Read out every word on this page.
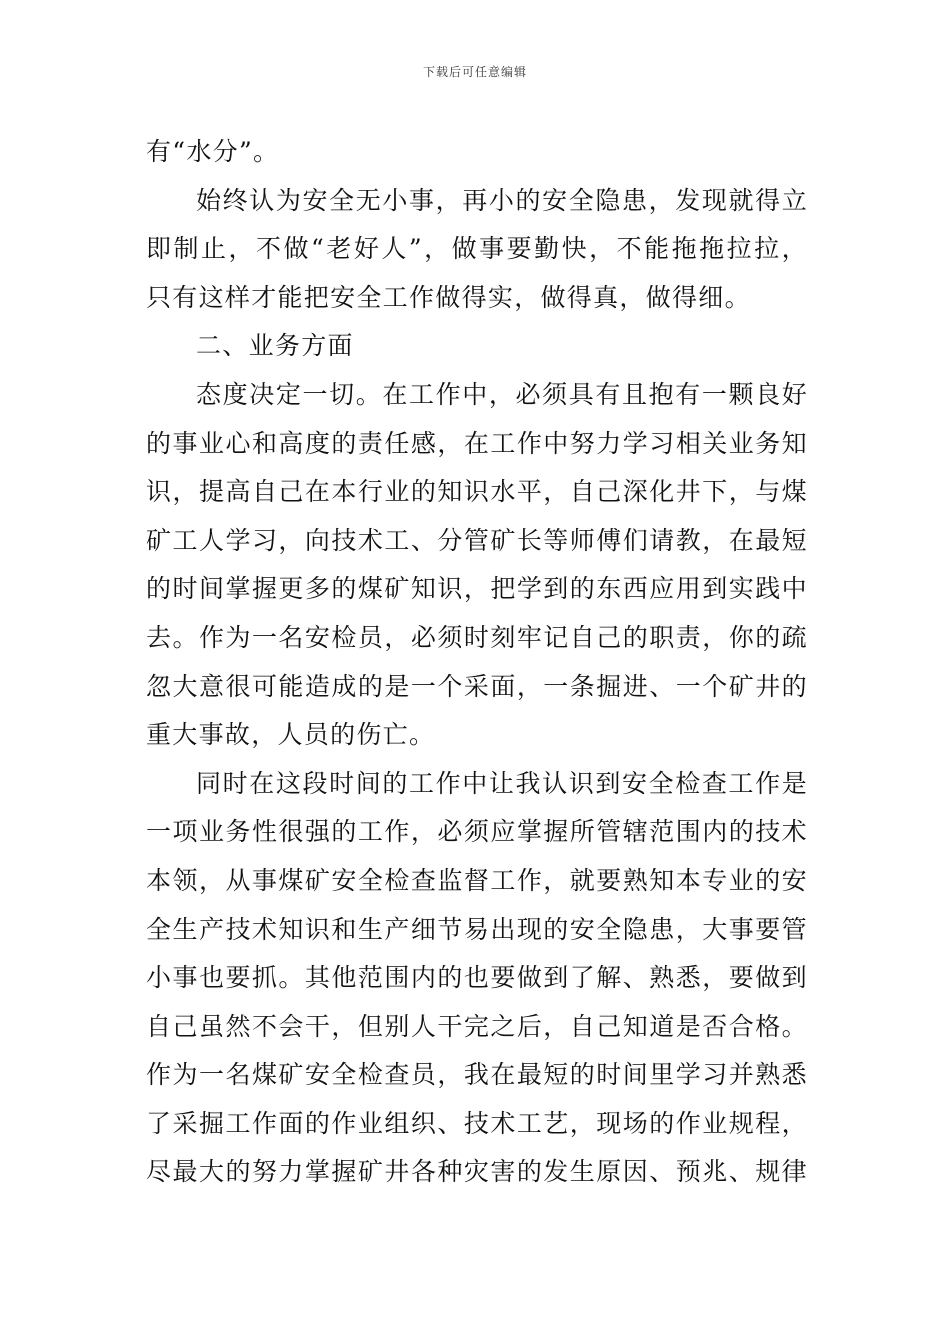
下载后可任意编辑
有“水分”。
始终认为安全无小事，再小的安全隐患，发现就得立
即制止，不做“老好人”，做事要勤快，不能拖拖拉拉，
只有这样才能把安全工作做得实，做得真，做得细。
二、业务方面
态度决定一切。在工作中，必须具有且抱有一颗良好
的事业心和高度的责任感，在工作中努力学习相关业务知
识，提高自己在本行业的知识水平，自己深化井下，与煤
矿工人学习，向技术工、分管矿长等师傅们请教，在最短
的时间掌握更多的煤矿知识，把学到的东西应用到实践中
去。作为一名安检员，必须时刻牢记自己的职责，你的疏
忽大意很可能造成的是一个采面，一条掘进、一个矿井的
重大事故，人员的伤亡。
同时在这段时间的工作中让我认识到安全检查工作是
一项业务性很强的工作，必须应掌握所管辖范围内的技术
本领，从事煤矿安全检查监督工作，就要熟知本专业的安
全生产技术知识和生产细节易出现的安全隐患，大事要管
小事也要抓。其他范围内的也要做到了解、熟悉，要做到
自己虽然不会干，但别人干完之后，自己知道是否合格。
作为一名煤矿安全检查员，我在最短的时间里学习并熟悉
了采掘工作面的作业组织、技术工艺，现场的作业规程，
尽最大的努力掌握矿井各种灾害的发生原因、预兆、规律
